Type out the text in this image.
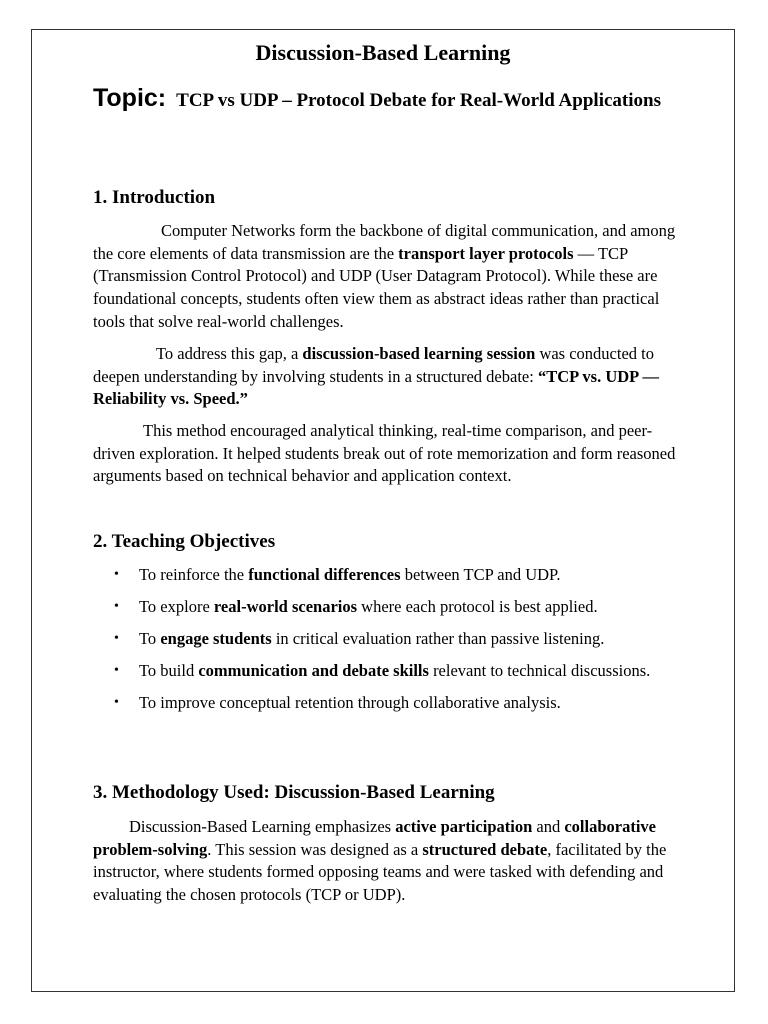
Discussion-Based Learning

Topic: TCP vs UDP – Protocol Debate for Real-World Applications

1. Introduction

Computer Networks form the backbone of digital communication, and among the core elements of data transmission are the transport layer protocols — TCP (Transmission Control Protocol) and UDP (User Datagram Protocol). While these are foundational concepts, students often view them as abstract ideas rather than practical tools that solve real-world challenges.

To address this gap, a discussion-based learning session was conducted to deepen understanding by involving students in a structured debate: “TCP vs. UDP — Reliability vs. Speed.”

This method encouraged analytical thinking, real-time comparison, and peer-driven exploration. It helped students break out of rote memorization and form reasoned arguments based on technical behavior and application context.

2. Teaching Objectives
• To reinforce the functional differences between TCP and UDP.
• To explore real-world scenarios where each protocol is best applied.
• To engage students in critical evaluation rather than passive listening.
• To build communication and debate skills relevant to technical discussions.
• To improve conceptual retention through collaborative analysis.
3. Methodology Used: Discussion-Based Learning

Discussion-Based Learning emphasizes active participation and collaborative problem-solving. This session was designed as a structured debate, facilitated by the instructor, where students formed opposing teams and were tasked with defending and evaluating the chosen protocols (TCP or UDP).
